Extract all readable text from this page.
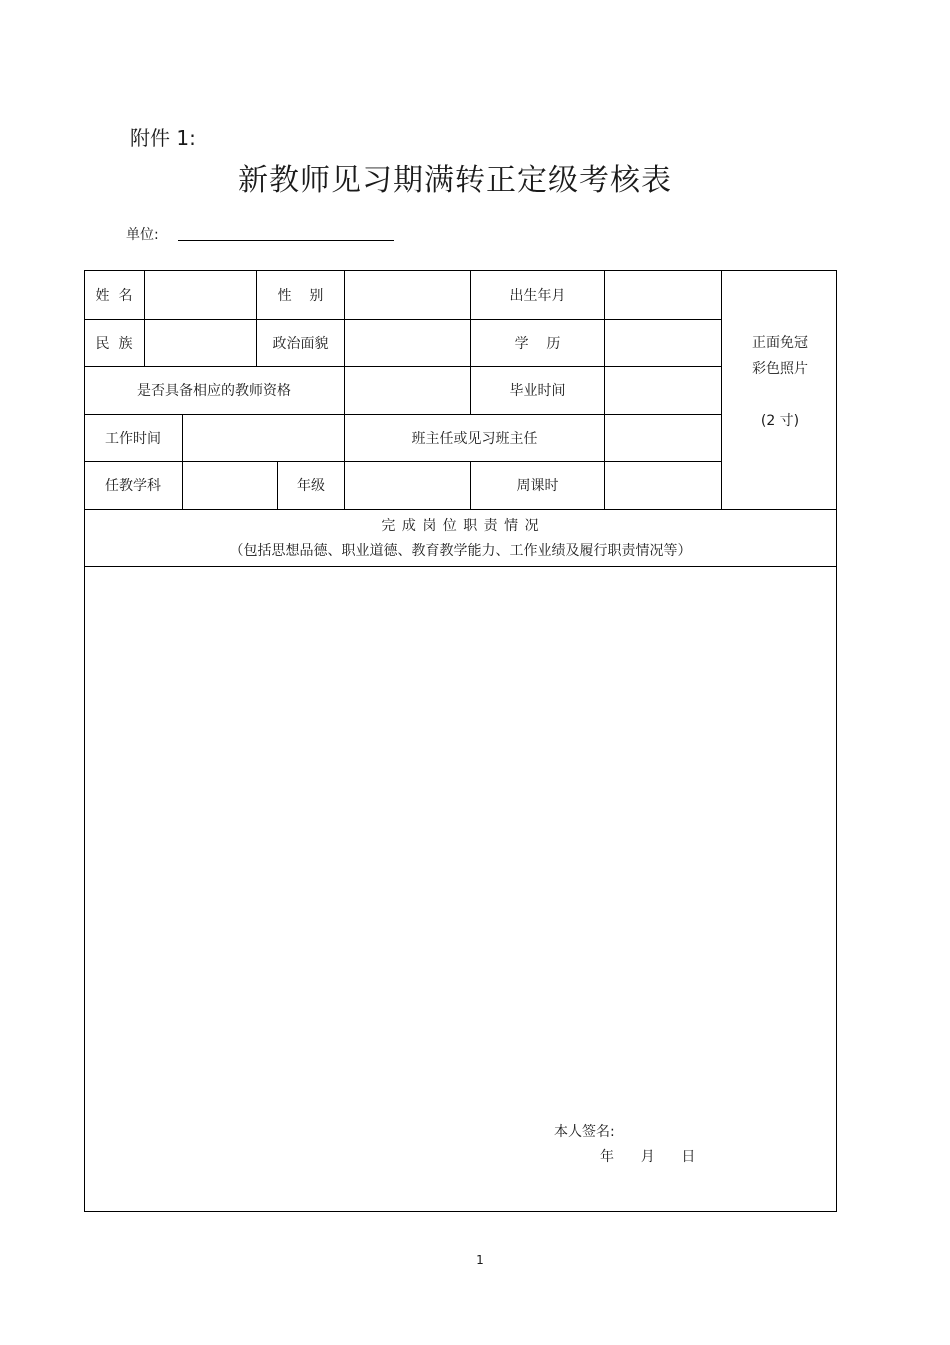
附件 1:
新教师见习期满转正定级考核表
单位:
姓  名	性    别	出生年月
民  族	政治面貌	学    历
是否具备相应的教师资格	毕业时间
工作时间	班主任或见习班主任
任教学科	年级	周课时
正面免冠
彩色照片
(2 寸)
完 成 岗 位 职 责 情 况
（包括思想品德、职业道德、教育教学能力、工作业绩及履行职责情况等）
本人签名:
年      月      日
1
